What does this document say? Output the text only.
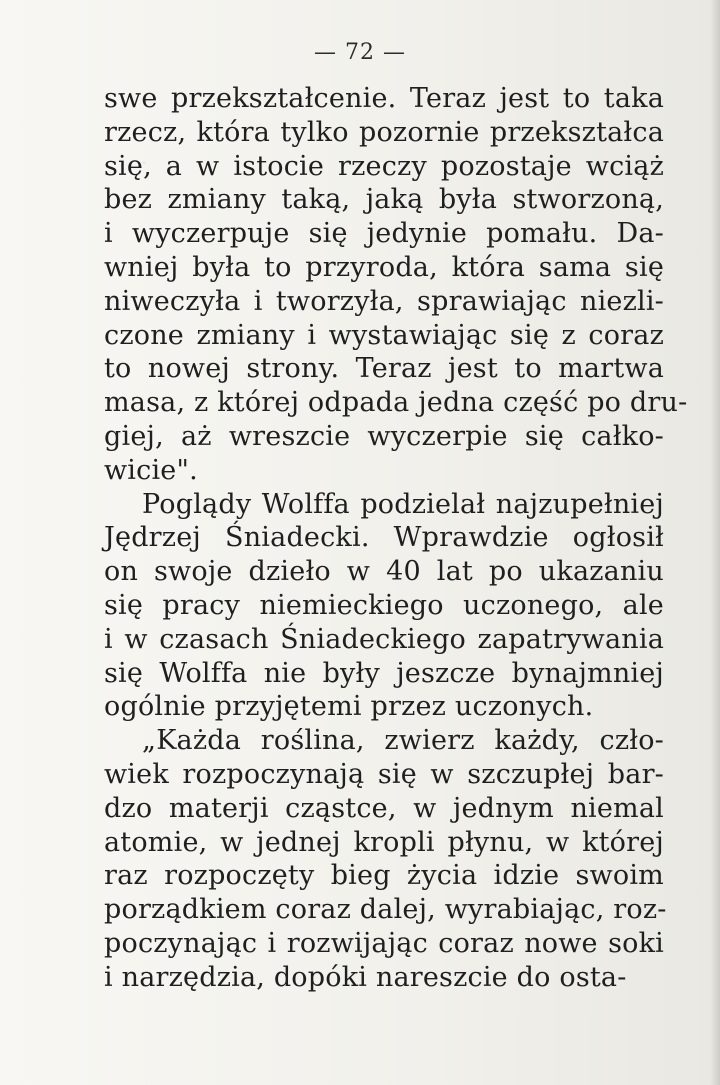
— 72 —
swe przekształcenie. Teraz jest to taka
rzecz, która tylko pozornie przekształca
się, a w istocie rzeczy pozostaje wciąż
bez zmiany taką, jaką była stworzoną,
i wyczerpuje się jedynie pomału. Da-
wniej była to przyroda, która sama się
niweczyła i tworzyła, sprawiając niezli-
czone zmiany i wystawiając się z coraz
to nowej strony. Teraz jest to martwa
masa, z której odpada jedna część po dru-
giej, aż wreszcie wyczerpie się całko-
wicie".
Poglądy Wolffa podzielał najzupełniej
Jędrzej Śniadecki. Wprawdzie ogłosił
on swoje dzieło w 40 lat po ukazaniu
się pracy niemieckiego uczonego, ale
i w czasach Śniadeckiego zapatrywania
się Wolffa nie były jeszcze bynajmniej
ogólnie przyjętemi przez uczonych.
„Każda roślina, zwierz każdy, czło-
wiek rozpoczynają się w szczupłej bar-
dzo materji cząstce, w jednym niemal
atomie, w jednej kropli płynu, w której
raz rozpoczęty bieg życia idzie swoim
porządkiem coraz dalej, wyrabiając, roz-
poczynając i rozwijając coraz nowe soki
i narzędzia, dopóki nareszcie do osta-
